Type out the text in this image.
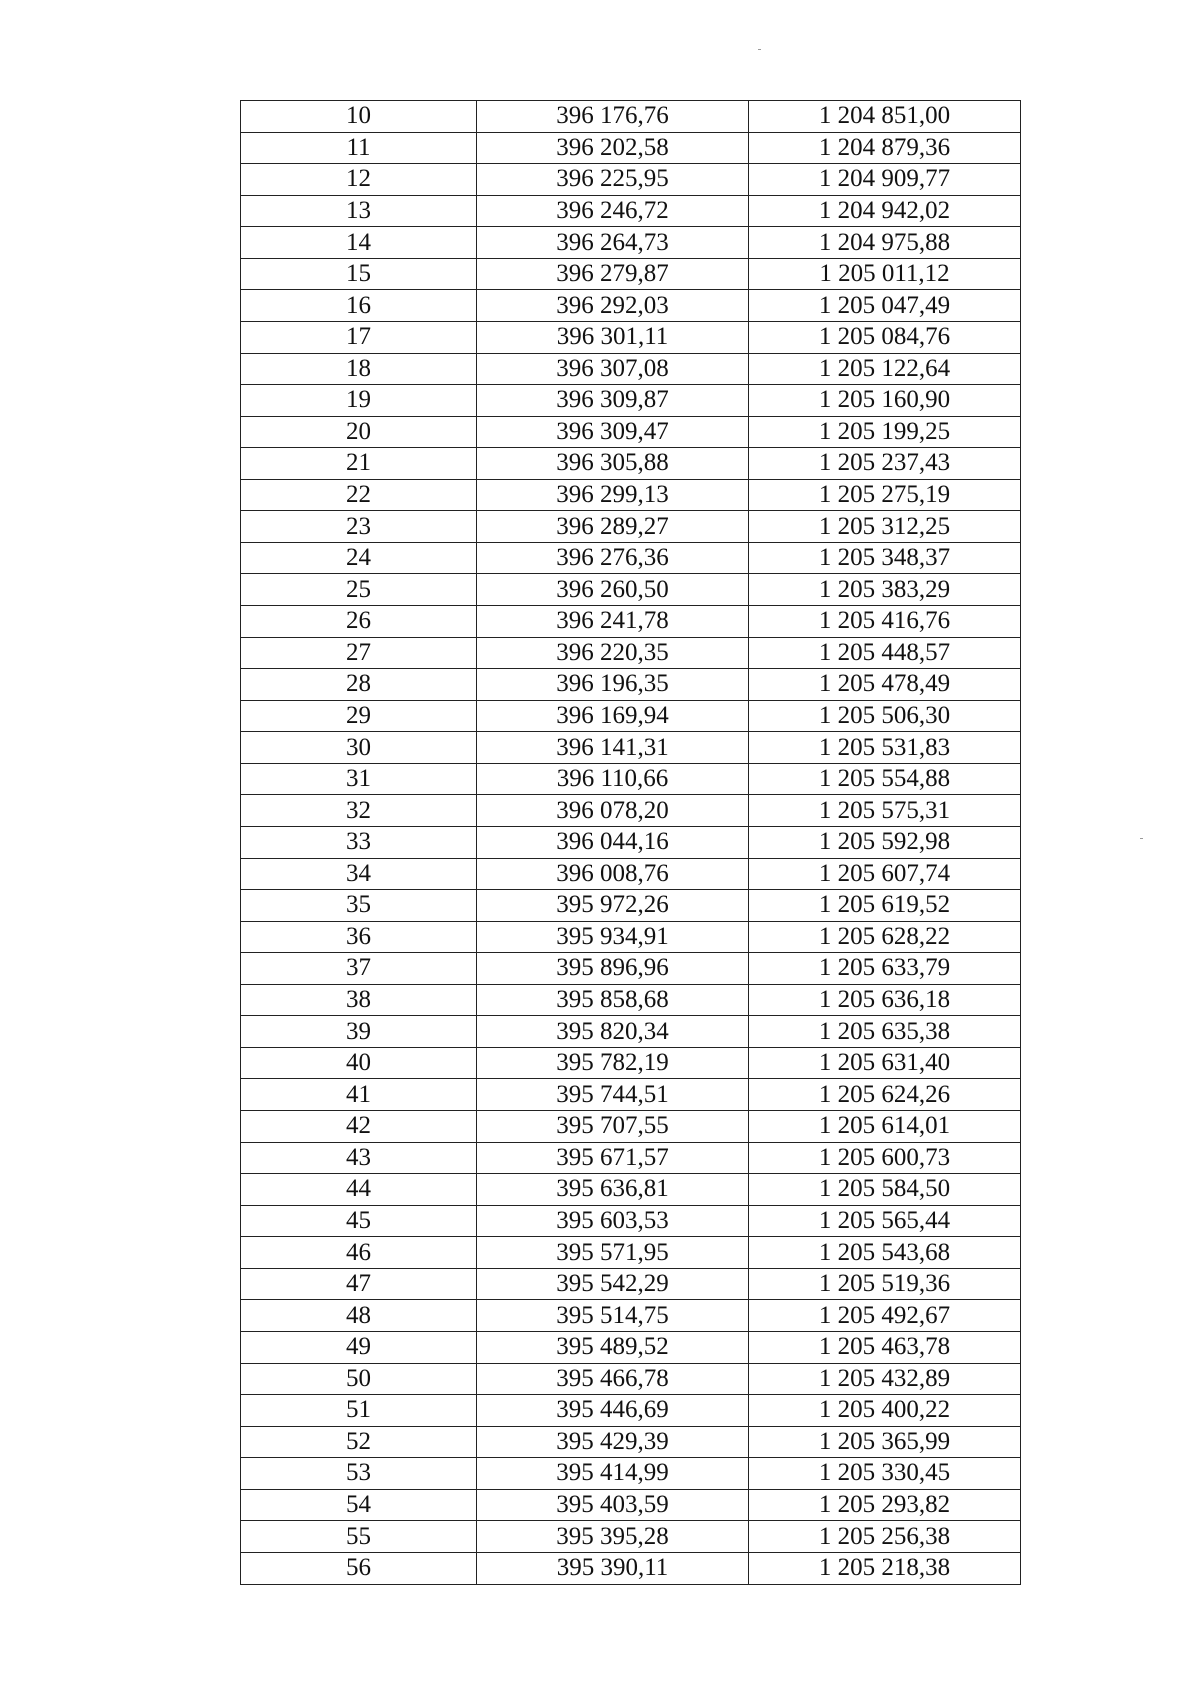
10	396 176,76	1 204 851,00
11	396 202,58	1 204 879,36
12	396 225,95	1 204 909,77
13	396 246,72	1 204 942,02
14	396 264,73	1 204 975,88
15	396 279,87	1 205 011,12
16	396 292,03	1 205 047,49
17	396 301,11	1 205 084,76
18	396 307,08	1 205 122,64
19	396 309,87	1 205 160,90
20	396 309,47	1 205 199,25
21	396 305,88	1 205 237,43
22	396 299,13	1 205 275,19
23	396 289,27	1 205 312,25
24	396 276,36	1 205 348,37
25	396 260,50	1 205 383,29
26	396 241,78	1 205 416,76
27	396 220,35	1 205 448,57
28	396 196,35	1 205 478,49
29	396 169,94	1 205 506,30
30	396 141,31	1 205 531,83
31	396 110,66	1 205 554,88
32	396 078,20	1 205 575,31
33	396 044,16	1 205 592,98
34	396 008,76	1 205 607,74
35	395 972,26	1 205 619,52
36	395 934,91	1 205 628,22
37	395 896,96	1 205 633,79
38	395 858,68	1 205 636,18
39	395 820,34	1 205 635,38
40	395 782,19	1 205 631,40
41	395 744,51	1 205 624,26
42	395 707,55	1 205 614,01
43	395 671,57	1 205 600,73
44	395 636,81	1 205 584,50
45	395 603,53	1 205 565,44
46	395 571,95	1 205 543,68
47	395 542,29	1 205 519,36
48	395 514,75	1 205 492,67
49	395 489,52	1 205 463,78
50	395 466,78	1 205 432,89
51	395 446,69	1 205 400,22
52	395 429,39	1 205 365,99
53	395 414,99	1 205 330,45
54	395 403,59	1 205 293,82
55	395 395,28	1 205 256,38
56	395 390,11	1 205 218,38
